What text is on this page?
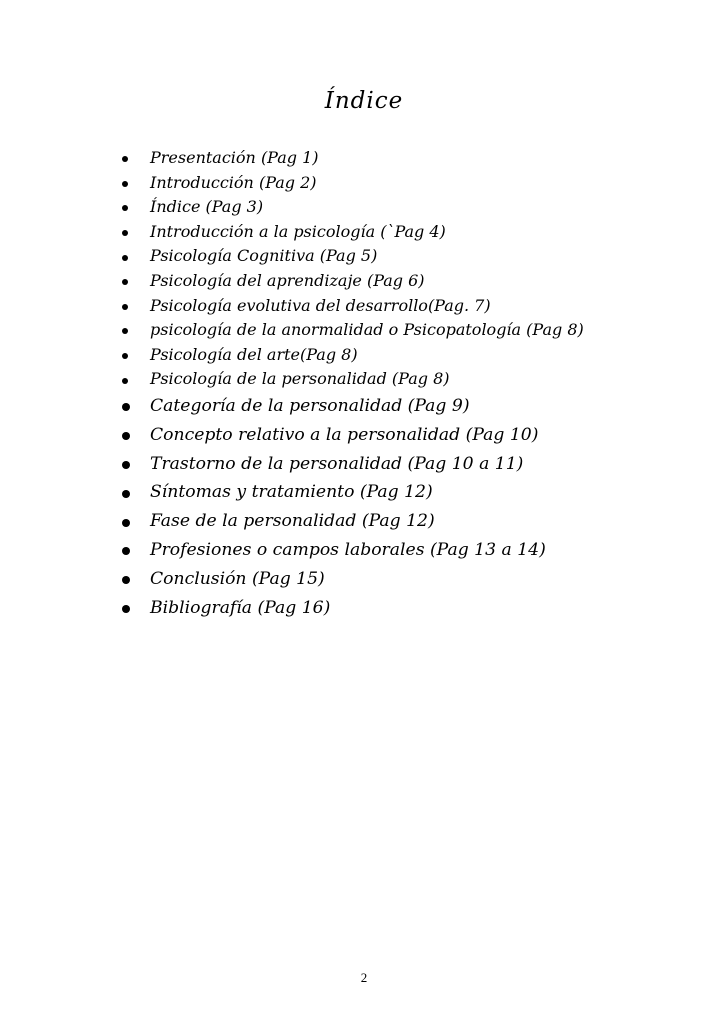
Índice
Presentación (Pag 1)
Introducción (Pag 2)
Índice (Pag 3)
Introducción a la psicología (`Pag 4)
Psicología Cognitiva (Pag 5)
Psicología del aprendizaje (Pag 6)
Psicología evolutiva del desarrollo(Pag. 7)
psicología de la anormalidad o Psicopatología (Pag 8)
Psicología del arte(Pag 8)
Psicología de la personalidad (Pag 8)
Categoría de la personalidad (Pag 9)
Concepto relativo a la personalidad (Pag 10)
Trastorno de la personalidad (Pag 10 a 11)
Síntomas y tratamiento (Pag 12)
Fase de la personalidad (Pag 12)
Profesiones o campos laborales (Pag 13 a 14)
Conclusión (Pag 15)
Bibliografía (Pag 16)
2
